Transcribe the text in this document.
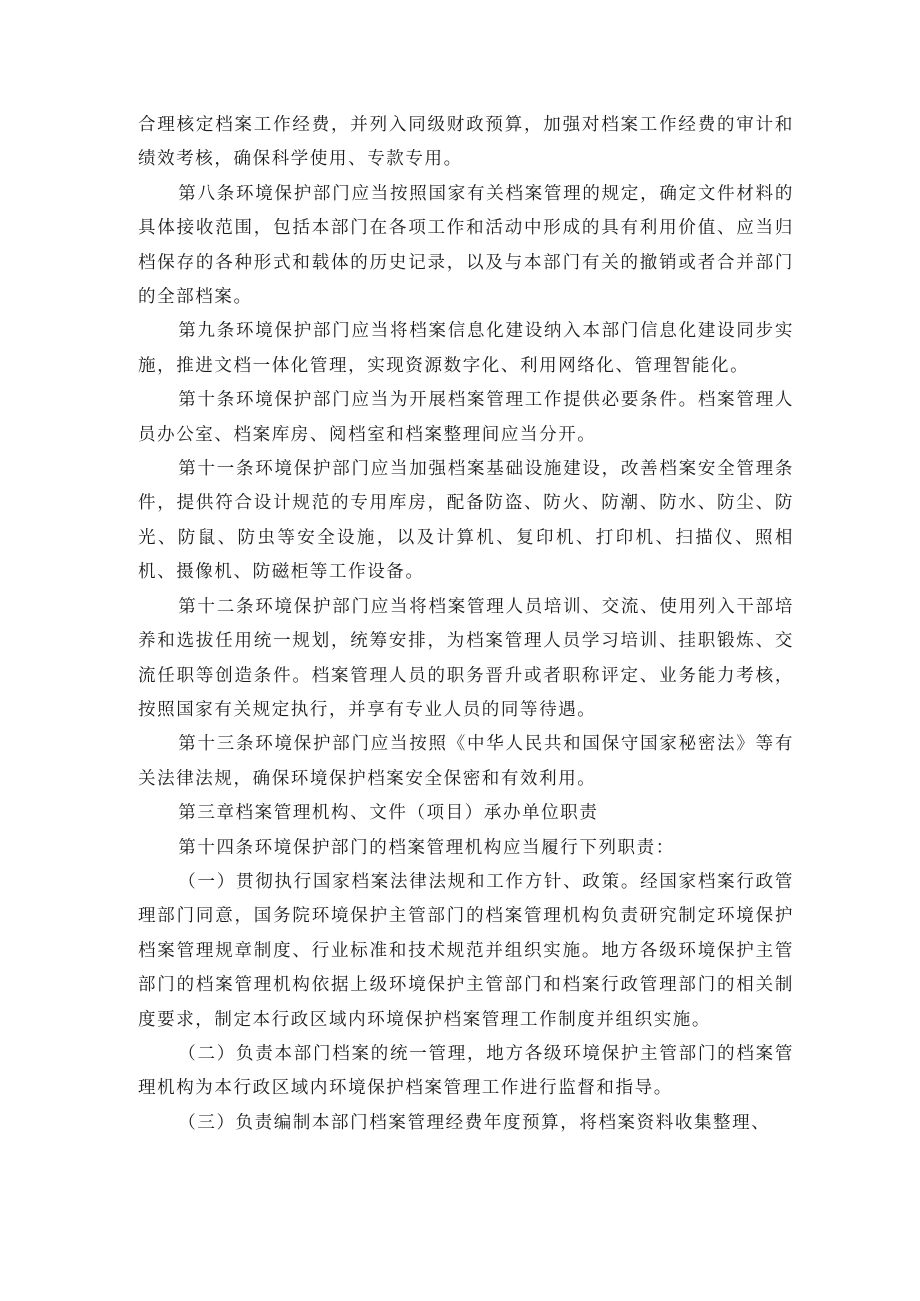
合理核定档案工作经费，并列入同级财政预算，加强对档案工作经费的审计和绩效考核，确保科学使用、专款专用。

第八条环境保护部门应当按照国家有关档案管理的规定，确定文件材料的具体接收范围，包括本部门在各项工作和活动中形成的具有利用价值、应当归档保存的各种形式和载体的历史记录，以及与本部门有关的撤销或者合并部门的全部档案。

第九条环境保护部门应当将档案信息化建设纳入本部门信息化建设同步实施，推进文档一体化管理，实现资源数字化、利用网络化、管理智能化。

第十条环境保护部门应当为开展档案管理工作提供必要条件。档案管理人员办公室、档案库房、阅档室和档案整理间应当分开。

第十一条环境保护部门应当加强档案基础设施建设，改善档案安全管理条件，提供符合设计规范的专用库房，配备防盗、防火、防潮、防水、防尘、防光、防鼠、防虫等安全设施，以及计算机、复印机、打印机、扫描仪、照相机、摄像机、防磁柜等工作设备。

第十二条环境保护部门应当将档案管理人员培训、交流、使用列入干部培养和选拔任用统一规划，统筹安排，为档案管理人员学习培训、挂职锻炼、交流任职等创造条件。档案管理人员的职务晋升或者职称评定、业务能力考核，按照国家有关规定执行，并享有专业人员的同等待遇。

第十三条环境保护部门应当按照《中华人民共和国保守国家秘密法》等有关法律法规，确保环境保护档案安全保密和有效利用。

第三章档案管理机构、文件（项目）承办单位职责

第十四条环境保护部门的档案管理机构应当履行下列职责：

（一）贯彻执行国家档案法律法规和工作方针、政策。经国家档案行政管理部门同意，国务院环境保护主管部门的档案管理机构负责研究制定环境保护档案管理规章制度、行业标准和技术规范并组织实施。地方各级环境保护主管部门的档案管理机构依据上级环境保护主管部门和档案行政管理部门的相关制度要求，制定本行政区域内环境保护档案管理工作制度并组织实施。

（二）负责本部门档案的统一管理，地方各级环境保护主管部门的档案管理机构为本行政区域内环境保护档案管理工作进行监督和指导。

（三）负责编制本部门档案管理经费年度预算，将档案资料收集整理、
